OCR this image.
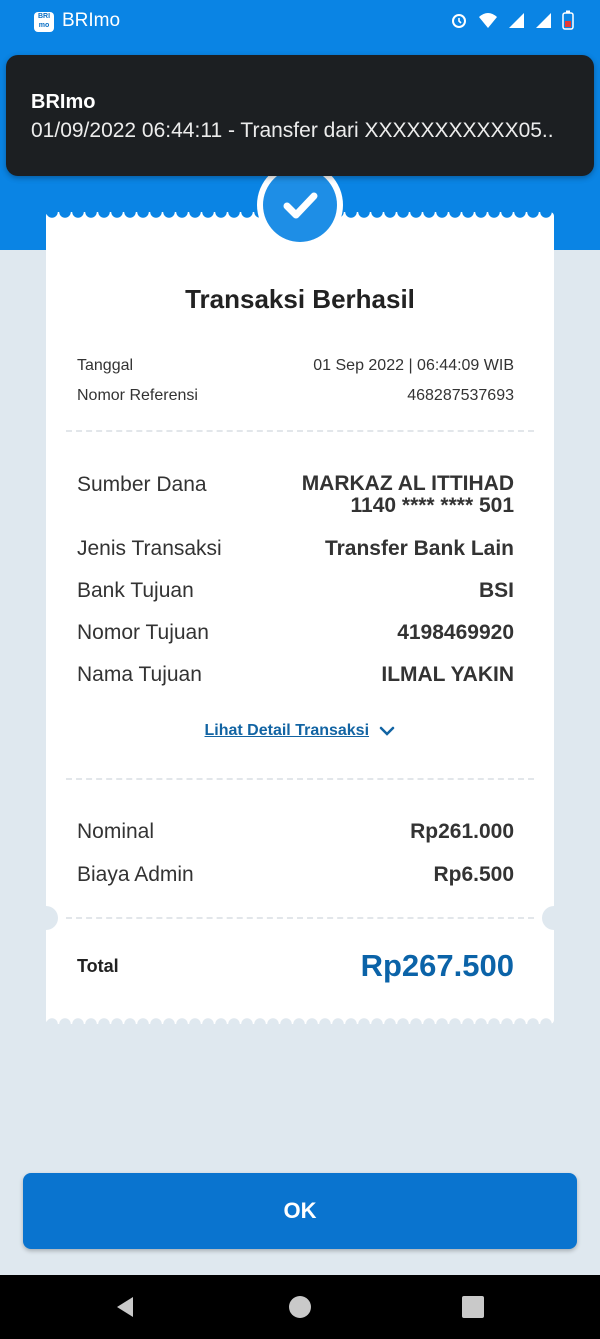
BRI mo BRImo
BRImo
01/09/2022 06:44:11 - Transfer dari XXXXXXXXXXX05..
Transaksi Berhasil
Tanggal	01 Sep 2022 | 06:44:09 WIB
Nomor Referensi	468287537693
Sumber Dana	MARKAZ AL ITTIHAD
1140 **** **** 501
Jenis Transaksi	Transfer Bank Lain
Bank Tujuan	BSI
Nomor Tujuan	4198469920
Nama Tujuan	ILMAL YAKIN
Lihat Detail Transaksi
Nominal	Rp261.000
Biaya Admin	Rp6.500
Total	Rp267.500
OK
